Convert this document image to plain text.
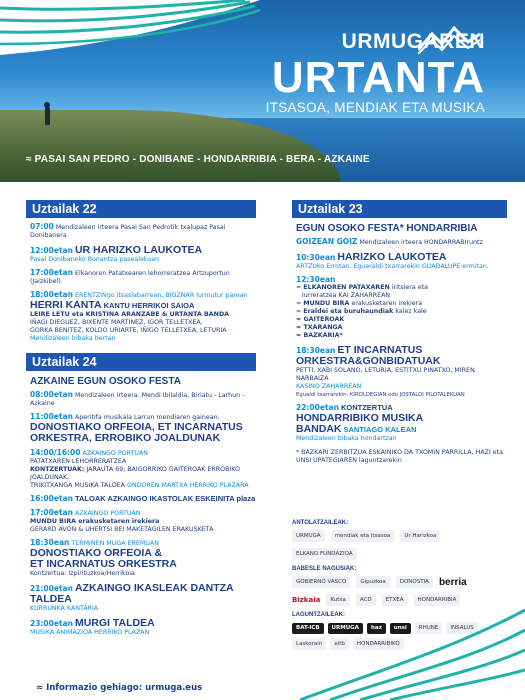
URMUGAREN
URTANTA
ITSASOA, MENDIAK ETA MUSIKA
≈ PASAI SAN PEDRO - DONIBANE - HONDARRIBIA - BERA - AZKAINE
Uztailak 22
07:00 Mendizaleen irteera Pasai San Pedrotik txalupaz Pasai Donibanera
12:00etan UR HARIZKO LAUKOTEA
Pasai Donibaneko Bonantza pasealekuan
17:00etan Elkanoren Patatxearen lehorreratzea Artzuportun (Jaizkibel).
18:00etan ERENTZINgo itsaslabarrean, BIOZNAR lurmutur parean
HERRI KANTA KANTU HERRIKOI SAIOA
LEIRE LETU eta KRISTINA ARANZABE & URTANTA BANDA
IÑAGI DIEGUEZ, BIXENTE MARTINEZ, IGOR TELLETXEA,
GORKA BENITEZ, KOLDO URIARTE, IÑIGO TELLETXEA, LETURIA
Mendizaleen bibaka bertan
Uztailak 24
AZKAINE EGUN OSOKO FESTA
08:00etan Mendizaleen irteera. Mendi Ibilaldia. Biriatu - Larhun -
Azkaine
11:00etan Aperitifa musikala Larrun mendiaren gainean:
DONOSTIAKO ORFEOIA, ET INCARNATUS
ORKESTRA, ERROBIKO JOALDUNAK
14:00/16:00 AZKAINGO PORTUAN
PATATXAREN LEHORRERATZEA
KONTZERTUAK: JARAUTA 69, BAIGORRIKO GAITEROAK ERROBIKO JOALDUNAK,
TRIKITXANGA MUSIKA TALDEA ONDOREN MARTXA HERRIKO PLAZARA
16:00etan TALOAK AZKAINGO IKASTOLAK ESKEINITA plaza
17:00etan AZKAINGO PORTUAN
MUNDU BIRA erakusketaren irekiera
GERARD AVON & UHERTSI BEI MAKETAGILEN ERAKUSKETA
18:30ean TERMINEN MUGA EREMUAN
DONOSTIAKO ORFEOIA &
ET INCARNATUS ORKESTRA
Kontzertua: Izpirituzkoa/Herrikoia
21:00etan AZKAINGO IKASLEAK DANTZA TALDEA
KURRUNKA KANTARIA
23:00etan MURGI TALDEA
MUSIKA ANIMAZIOA HERRIKO PLAZAN
Uztailak 23
EGUN OSOKO FESTA* HONDARRIBIA
GOIZEAN GOIZ Mendizaleen irteera HONDARRABIruntz
10:30ean HARIZKO LAUKOTEA
ARTZUko Errotan. Egueraldi txarrarekin GUADALUPE ermitan.
12:30ean
≈ ELKANOREN PATAXAREN iritsiera eta
lurreratzea KAI ZAHARREAN
≈ MUNDU BIRA erakusketaren irekiera
≈ Eraldei eta buruhaundiak kalez kale
≈ GAITEROAK
≈ TXARANGA
≈ BAZKARIA*
18:30ean ET INCARNATUS
ORKESTRA&GONBIDATUAK
PETTI, XABI SOLANO, LETURIA, ESTITXU PINATXO, MIREN NARBAIZA
KASINO ZAHARREAN
Egualdi txarrarekin: KIROLDEGIAN edo JOSTALDI PILOTALEKUAN
22:00etan KONTZERTUA
HONDARRIBIKO MUSIKA
BANDAK SANTIAGO KALEAN
Mendizaleen bibaka hondartzan
* BAZKARI ZERBITZUA ESKAINIKO DA TXOMIN PARRILLA, HAZI eta
UNSI UPATEGIAREN laguntzarekin
ANTOLATZAILEAK:
URMUGA	mendiak eta itsasoa	Ur Harizkoa
ELKANO FUNDAZIOA
BABESLE NAGUSIAK:
GOBIERNO VASCO	Gipuzkoa	DONOSTIA	berria
Bizkaia	Kutxa	ACD	ETXEA	HONDARRIBIA
LAGUNTZAILEAK:
BAT-ICB	URMUGA	haz	unsi	RHUNE	INSALUS
Laskorain	eitb	HONDARRIBIKO
≈ Informazio gehiago: urmuga.eus
